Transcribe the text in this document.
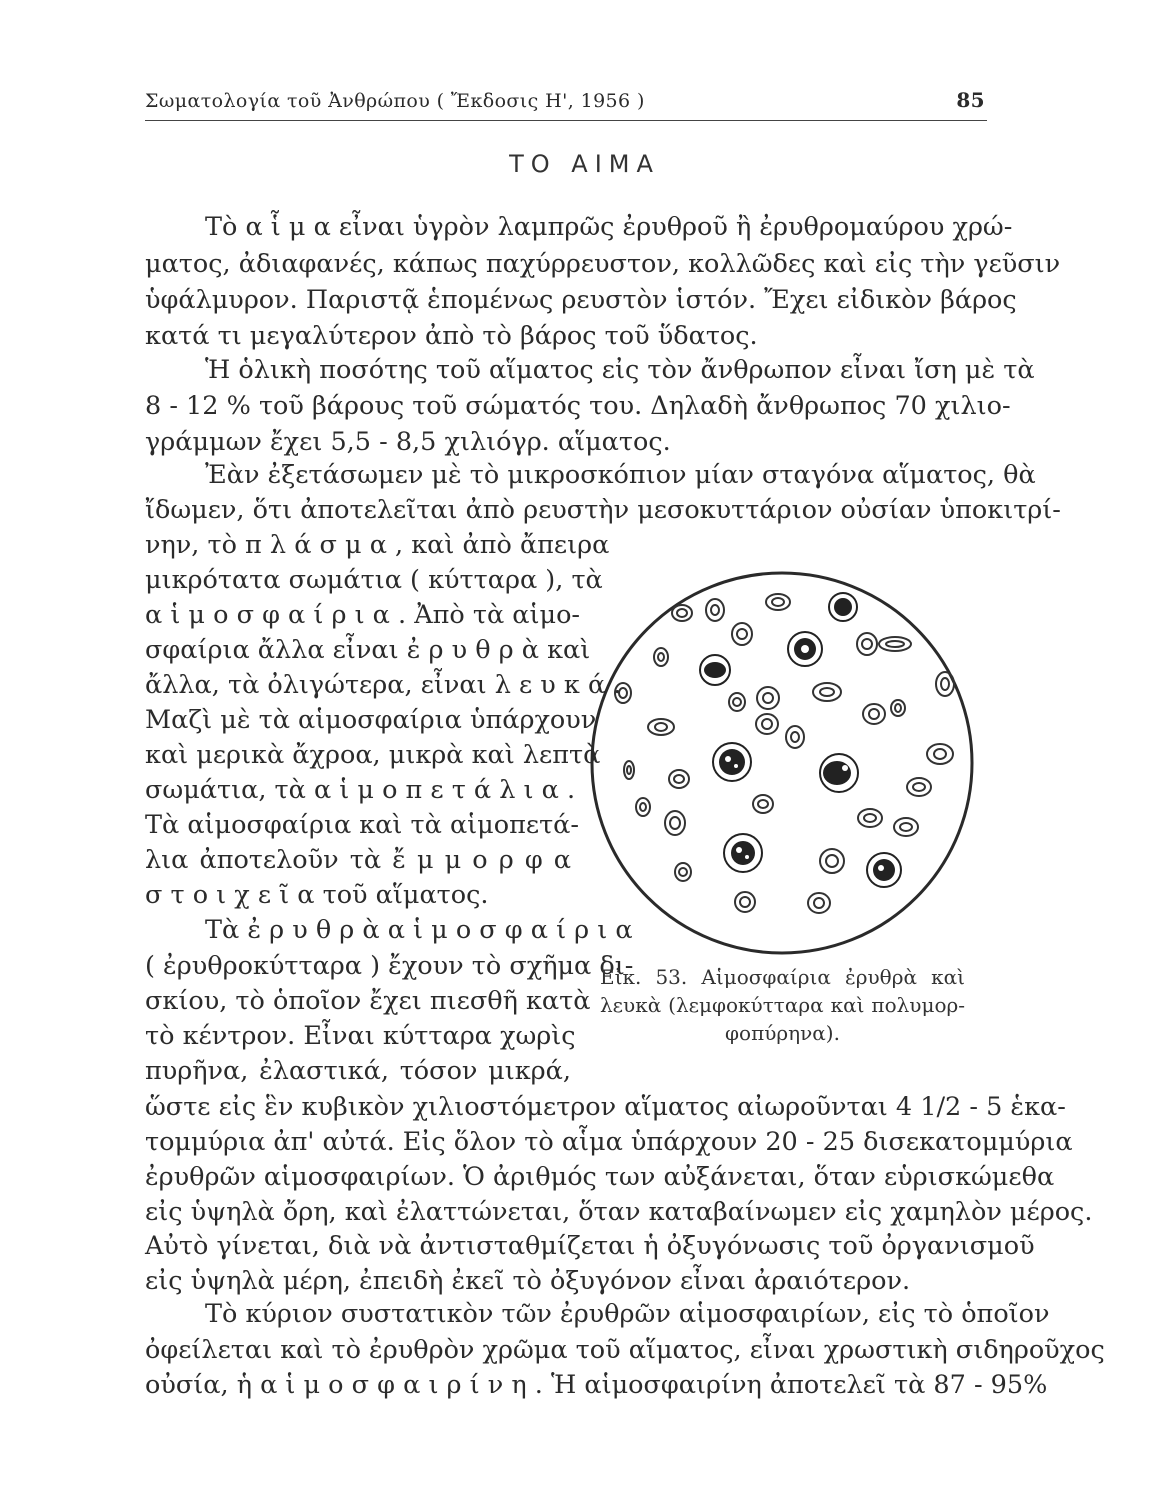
Σωματολογία τοῦ Ἀνθρώπου ( Ἔκδοσις Η', 1956 )	85
ΤΟ ΑΙΜΑ
Τὸ α ἷ μ α εἶναι ὑγρὸν λαμπρῶς ἐρυθροῦ ἢ ἐρυθρομαύρου χρώ-
ματος, ἀδιαφανές, κάπως παχύρρευστον, κολλῶδες καὶ εἰς τὴν γεῦσιν
ὑφάλμυρον. Παριστᾷ ἑπομένως ρευστὸν ἱστόν. Ἔχει εἰδικὸν βάρος
κατά τι μεγαλύτερον ἀπὸ τὸ βάρος τοῦ ὕδατος.
Ἡ ὁλικὴ ποσότης τοῦ αἵματος εἰς τὸν ἄνθρωπον εἶναι ἴση μὲ τὰ
8 - 12 % τοῦ βάρους τοῦ σώματός του. Δηλαδὴ ἄνθρωπος 70 χιλιο-
γράμμων ἔχει 5,5 - 8,5 χιλιόγρ. αἵματος.
Ἐὰν ἐξετάσωμεν μὲ τὸ μικροσκόπιον μίαν σταγόνα αἵματος, θὰ
ἴδωμεν, ὅτι ἀποτελεῖται ἀπὸ ρευστὴν μεσοκυττάριον οὐσίαν ὑποκιτρί-
νην, τὸ π λ ά σ μ α , καὶ ἀπὸ ἄπειρα
μικρότατα σωμάτια ( κύτταρα ), τὰ
α ἱ μ ο σ φ α ί ρ ι α . Ἀπὸ τὰ αἱμο-
σφαίρια ἄλλα εἶναι ἐ ρ υ θ ρ ὰ καὶ
ἄλλα, τὰ ὀλιγώτερα, εἶναι λ ε υ κ ά .
Μαζὶ μὲ τὰ αἱμοσφαίρια ὑπάρχουν
καὶ μερικὰ ἄχροα, μικρὰ καὶ λεπτὰ
σωμάτια, τὰ α ἱ μ ο π ε τ ά λ ι α .
Τὰ αἱμοσφαίρια καὶ τὰ αἱμοπετά-
λια ἀποτελοῦν τὰ ἔ μ μ ο ρ φ α
σ τ ο ι χ ε ῖ α τοῦ αἵματος.
Τὰ ἐ ρ υ θ ρ ὰ α ἱ μ ο σ φ α ί ρ ι α
( ἐρυθροκύτταρα ) ἔχουν τὸ σχῆμα δι-
σκίου, τὸ ὁποῖον ἔχει πιεσθῆ κατὰ
τὸ κέντρον. Εἶναι κύτταρα χωρὶς
πυρῆνα, ἐλαστικά, τόσον μικρά,
ὥστε εἰς ἓν κυβικὸν χιλιοστόμετρον αἵματος αἰωροῦνται 4 1/2 - 5 ἑκα-
τομμύρια ἀπ' αὐτά. Εἰς ὅλον τὸ αἷμα ὑπάρχουν 20 - 25 δισεκατομμύρια
ἐρυθρῶν αἱμοσφαιρίων. Ὁ ἀριθμός των αὐξάνεται, ὅταν εὑρισκώμεθα
εἰς ὑψηλὰ ὄρη, καὶ ἐλαττώνεται, ὅταν καταβαίνωμεν εἰς χαμηλὸν μέρος.
Αὐτὸ γίνεται, διὰ νὰ ἀντισταθμίζεται ἡ ὀξυγόνωσις τοῦ ὀργανισμοῦ
εἰς ὑψηλὰ μέρη, ἐπειδὴ ἐκεῖ τὸ ὀξυγόνον εἶναι ἀραιότερον.
Τὸ κύριον συστατικὸν τῶν ἐρυθρῶν αἱμοσφαιρίων, εἰς τὸ ὁποῖον
ὀφείλεται καὶ τὸ ἐρυθρὸν χρῶμα τοῦ αἵματος, εἶναι χρωστικὴ σιδηροῦχος
οὐσία, ἡ α ἱ μ ο σ φ α ι ρ ί ν η . Ἡ αἱμοσφαιρίνη ἀποτελεῖ τὰ 87 - 95%
Εἰκ. 53. Αἱμοσφαίρια ἐρυθρὰ καὶ
λευκὰ (λεμφοκύτταρα καὶ πολυμορ-
φοπύρηνα).
